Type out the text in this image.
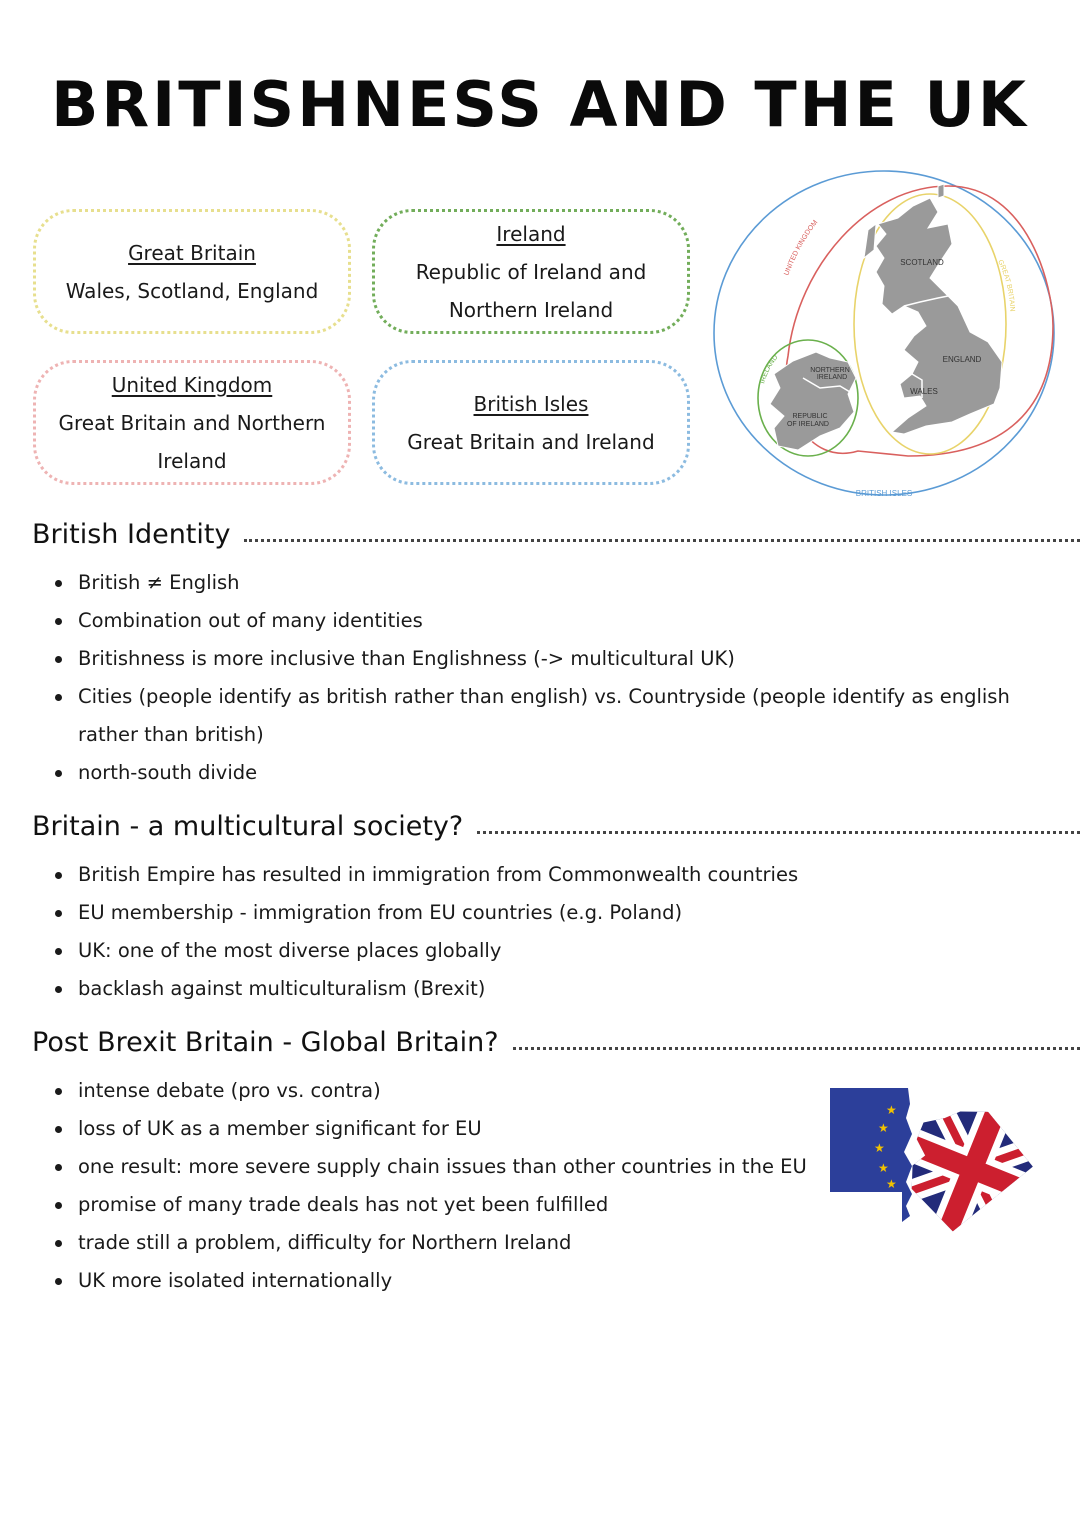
BRITISHNESS AND THE UK
Great Britain
Wales, Scotland, England
Ireland
Republic of Ireland and Northern Ireland
United Kingdom
Great Britain and Northern Ireland
British Isles
Great Britain and Ireland
SCOTLAND
ENGLAND
WALES
NORTHERN
IRELAND
REPUBLIC
OF IRELAND
UNITED KINGDOM
GREAT BRITAIN
IRELAND
BRITISH ISLES
British Identity
British ≠ English
Combination out of many identities
Britishness is more inclusive than Englishness (-> multicultural UK)
Cities (people identify as british rather than english) vs. Countryside (people identify as english rather than british)
north-south divide
Britain - a multicultural society?
British Empire has resulted in immigration from Commonwealth countries
EU membership - immigration from EU countries (e.g. Poland)
UK: one of the most diverse places globally
backlash against multiculturalism (Brexit)
Post Brexit Britain - Global Britain?
intense debate (pro vs. contra)
loss of UK as a member significant for EU
one result: more severe supply chain issues than other countries in the EU
promise of many trade deals has not yet been fulfilled
trade still a problem, difficulty for Northern Ireland
UK more isolated internationally
★
★
★
★
★
